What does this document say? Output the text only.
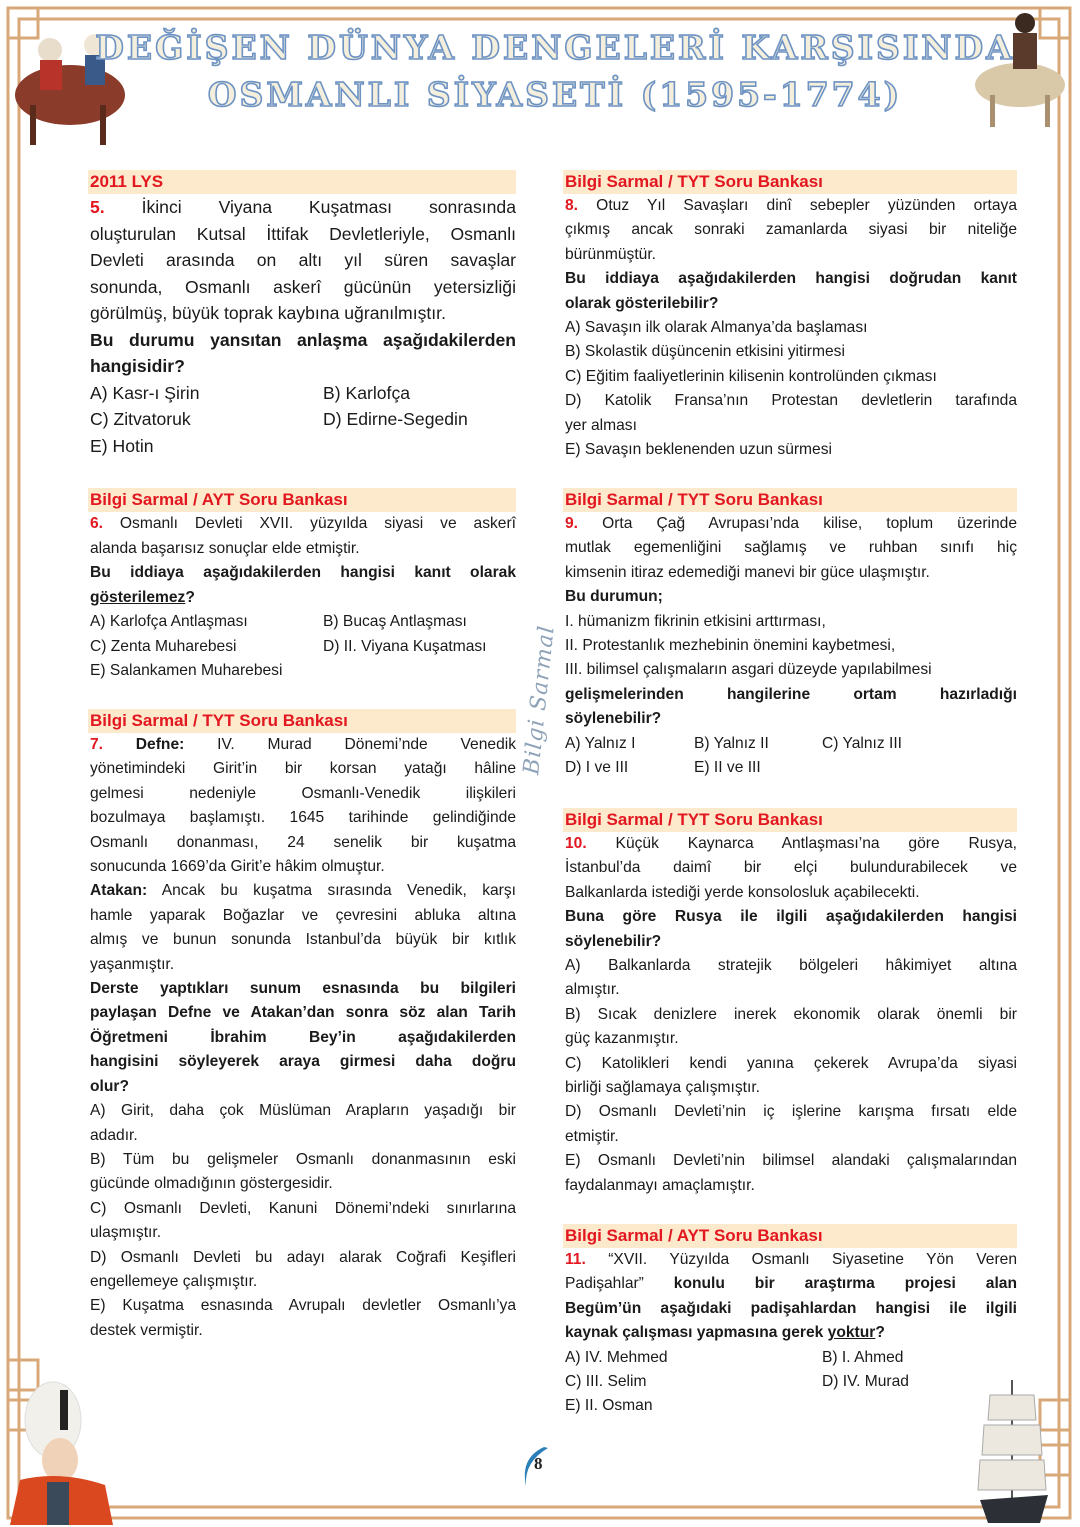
DEĞİŞEN DÜNYA DENGELERİ KARŞISINDA
OSMANLI SİYASETİ (1595-1774)
Bilgi Sarmal
2011 LYS
5. İkinci Viyana Kuşatması sonrasında
oluşturulan Kutsal İttifak Devletleriyle, Osmanlı
Devleti arasında on altı yıl süren savaşlar
sonunda, Osmanlı askerî gücünün yetersizliği
görülmüş, büyük toprak kaybına uğranılmıştır.
Bu durumu yansıtan anlaşma aşağıdakilerden
hangisidir?
A) Kasr-ı Şirin	B) Karlofça
C) Zitvatoruk	D) Edirne-Segedin
E) Hotin
Bilgi Sarmal / AYT Soru Bankası
6. Osmanlı Devleti XVII. yüzyılda siyasi ve askerî
alanda başarısız sonuçlar elde etmiştir.
Bu iddiaya aşağıdakilerden hangisi kanıt olarak
gösterilemez?
A) Karlofça Antlaşması	B) Bucaş Antlaşması
C) Zenta Muharebesi	D) II. Viyana Kuşatması
E) Salankamen Muharebesi
Bilgi Sarmal / TYT Soru Bankası
7. Defne: IV. Murad Dönemi’nde Venedik
yönetimindeki Girit’in bir korsan yatağı hâline
gelmesi nedeniyle Osmanlı-Venedik ilişkileri
bozulmaya başlamıştı. 1645 tarihinde gelindiğinde
Osmanlı donanması, 24 senelik bir kuşatma
sonucunda 1669’da Girit’e hâkim olmuştur.
Atakan: Ancak bu kuşatma sırasında Venedik, karşı
hamle yaparak Boğazlar ve çevresini abluka altına
almış ve bunun sonunda Istanbul’da büyük bir kıtlık
yaşanmıştır.
Derste yaptıkları sunum esnasında bu bilgileri
paylaşan Defne ve Atakan’dan sonra söz alan Tarih
Öğretmeni İbrahim Bey’in aşağıdakilerden
hangisini söyleyerek araya girmesi daha doğru
olur?
A) Girit, daha çok Müslüman Arapların yaşadığı bir
adadır.
B) Tüm bu gelişmeler Osmanlı donanmasının eski
gücünde olmadığının göstergesidir.
C) Osmanlı Devleti, Kanuni Dönemi’ndeki sınırlarına
ulaşmıştır.
D) Osmanlı Devleti bu adayı alarak Coğrafi Keşifleri
engellemeye çalışmıştır.
E) Kuşatma esnasında Avrupalı devletler Osmanlı’ya
destek vermiştir.
Bilgi Sarmal / TYT Soru Bankası
8. Otuz Yıl Savaşları dinî sebepler yüzünden ortaya
çıkmış ancak sonraki zamanlarda siyasi bir niteliğe
bürünmüştür.
Bu iddiaya aşağıdakilerden hangisi doğrudan kanıt
olarak gösterilebilir?
A) Savaşın ilk olarak Almanya’da başlaması
B) Skolastik düşüncenin etkisini yitirmesi
C) Eğitim faaliyetlerinin kilisenin kontrolünden çıkması
D) Katolik Fransa’nın Protestan devletlerin tarafında
yer alması
E) Savaşın beklenenden uzun sürmesi
Bilgi Sarmal / TYT Soru Bankası
9. Orta Çağ Avrupası’nda kilise, toplum üzerinde
mutlak egemenliğini sağlamış ve ruhban sınıfı hiç
kimsenin itiraz edemediği manevi bir güce ulaşmıştır.
Bu durumun;
I. hümanizm fikrinin etkisini arttırması,
II. Protestanlık mezhebinin önemini kaybetmesi,
III. bilimsel çalışmaların asgari düzeyde yapılabilmesi
gelişmelerinden hangilerine ortam hazırladığı
söylenebilir?
A) Yalnız I	B) Yalnız II	C) Yalnız III
D) I ve III	E) II ve III
Bilgi Sarmal / TYT Soru Bankası
10. Küçük Kaynarca Antlaşması’na göre Rusya,
İstanbul’da daimî bir elçi bulundurabilecek ve
Balkanlarda istediği yerde konsolosluk açabilecekti.
Buna göre Rusya ile ilgili aşağıdakilerden hangisi
söylenebilir?
A) Balkanlarda stratejik bölgeleri hâkimiyet altına
almıştır.
B) Sıcak denizlere inerek ekonomik olarak önemli bir
güç kazanmıştır.
C) Katolikleri kendi yanına çekerek Avrupa’da siyasi
birliği sağlamaya çalışmıştır.
D) Osmanlı Devleti’nin iç işlerine karışma fırsatı elde
etmiştir.
E) Osmanlı Devleti’nin bilimsel alandaki çalışmalarından
faydalanmayı amaçlamıştır.
Bilgi Sarmal / AYT Soru Bankası
11. “XVII. Yüzyılda Osmanlı Siyasetine Yön Veren
Padişahlar” konulu bir araştırma projesi alan
Begüm’ün aşağıdaki padişahlardan hangisi ile ilgili
kaynak çalışması yapmasına gerek yoktur?
A) IV. Mehmed	B) I. Ahmed
C) III. Selim	D) IV. Murad
E) II. Osman
8
